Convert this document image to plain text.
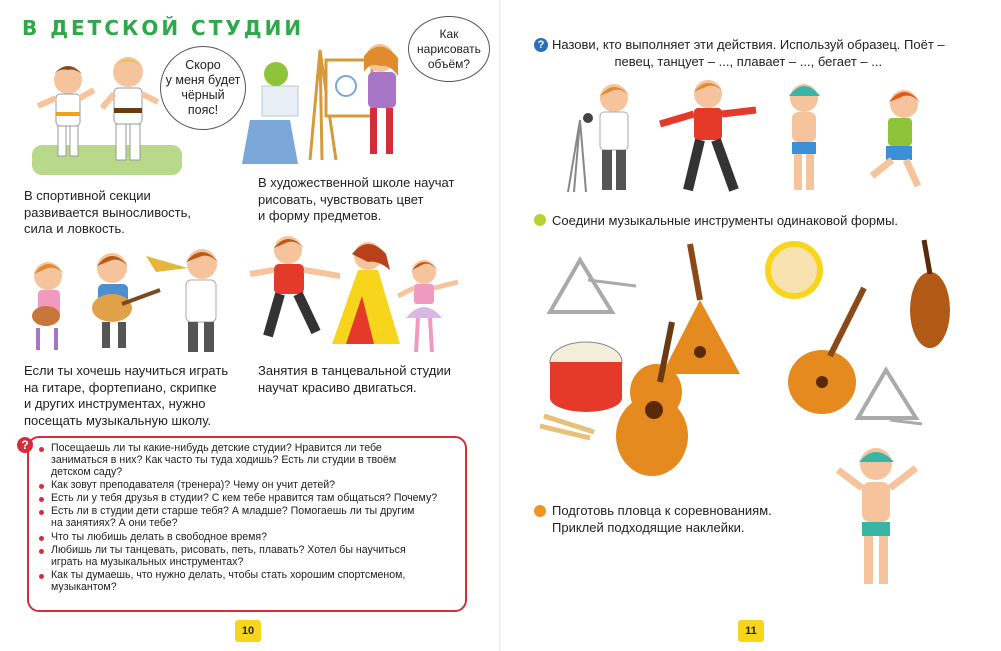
В ДЕТСКОЙ СТУДИИ
Скоро
у меня будет
чёрный
пояс!
Как
нарисовать
объём?
В спортивной секции
развивается выносливость,
сила и ловкость.
В художественной школе научат
рисовать, чувствовать цвет
и форму предметов.
Если ты хочешь научиться играть
на гитаре, фортепиано, скрипке
и других инструментах, нужно
посещать музыкальную школу.
Занятия в танцевальной студии
научат красиво двигаться.
Посещаешь ли ты какие-нибудь детские студии? Нравится ли тебе
заниматься в них? Как часто ты туда ходишь? Есть ли студии в твоём
детском саду?
Как зовут преподавателя (тренера)? Чему он учит детей?
Есть ли у тебя друзья в студии? С кем тебе нравится там общаться? Почему?
Есть ли в студии дети старше тебя? А младше? Помогаешь ли ты другим
на занятиях? А они тебе?
Что ты любишь делать в свободное время?
Любишь ли ты танцевать, рисовать, петь, плавать? Хотел бы научиться
играть на музыкальных инструментах?
Как ты думаешь, что нужно делать, чтобы стать хорошим спортсменом,
музыкантом?
?
10
? Назови, кто выполняет эти действия. Используй образец. Поёт –
певец, танцует – ..., плавает – ..., бегает – ...
Соедини музыкальные инструменты одинаковой формы.
Подготовь пловца к соревнованиям.
Приклей подходящие наклейки.
11
